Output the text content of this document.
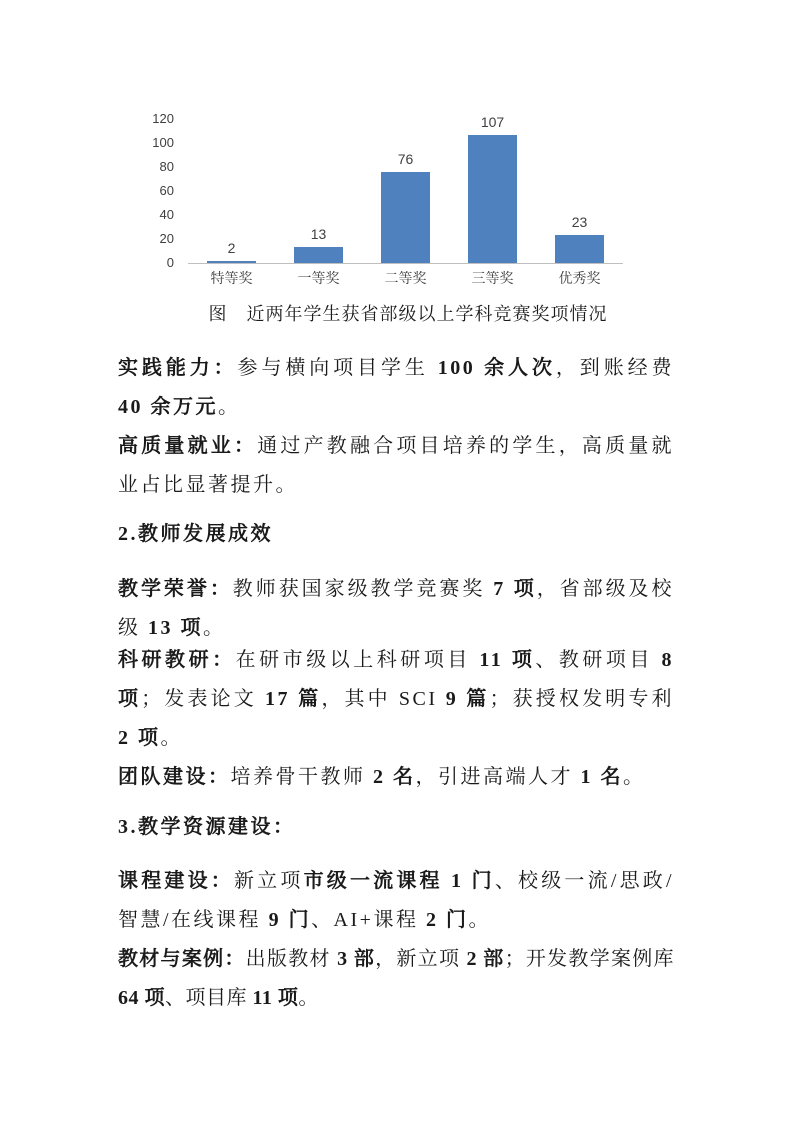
0
20
40
60
80
100
120
2
13
76
107
23
特等奖	一等奖	二等奖	三等奖	优秀奖
图　近两年学生获省部级以上学科竞赛奖项情况

实践能力：参与横向项目学生 100 余人次，到账经费 40 余万元。

高质量就业：通过产教融合项目培养的学生，高质量就业占比显著提升。

2.教师发展成效

教学荣誉：教师获国家级教学竞赛奖 7 项，省部级及校级 13 项。

科研教研：在研市级以上科研项目 11 项、教研项目 8 项；发表论文 17 篇，其中 SCI 9 篇；获授权发明专利 2 项。

团队建设：培养骨干教师 2 名，引进高端人才 1 名。

3.教学资源建设：

课程建设：新立项市级一流课程 1 门、校级一流/思政/智慧/在线课程 9 门、AI+课程 2 门。

教材与案例：出版教材 3 部，新立项 2 部；开发教学案例库 64 项、项目库 11 项。
